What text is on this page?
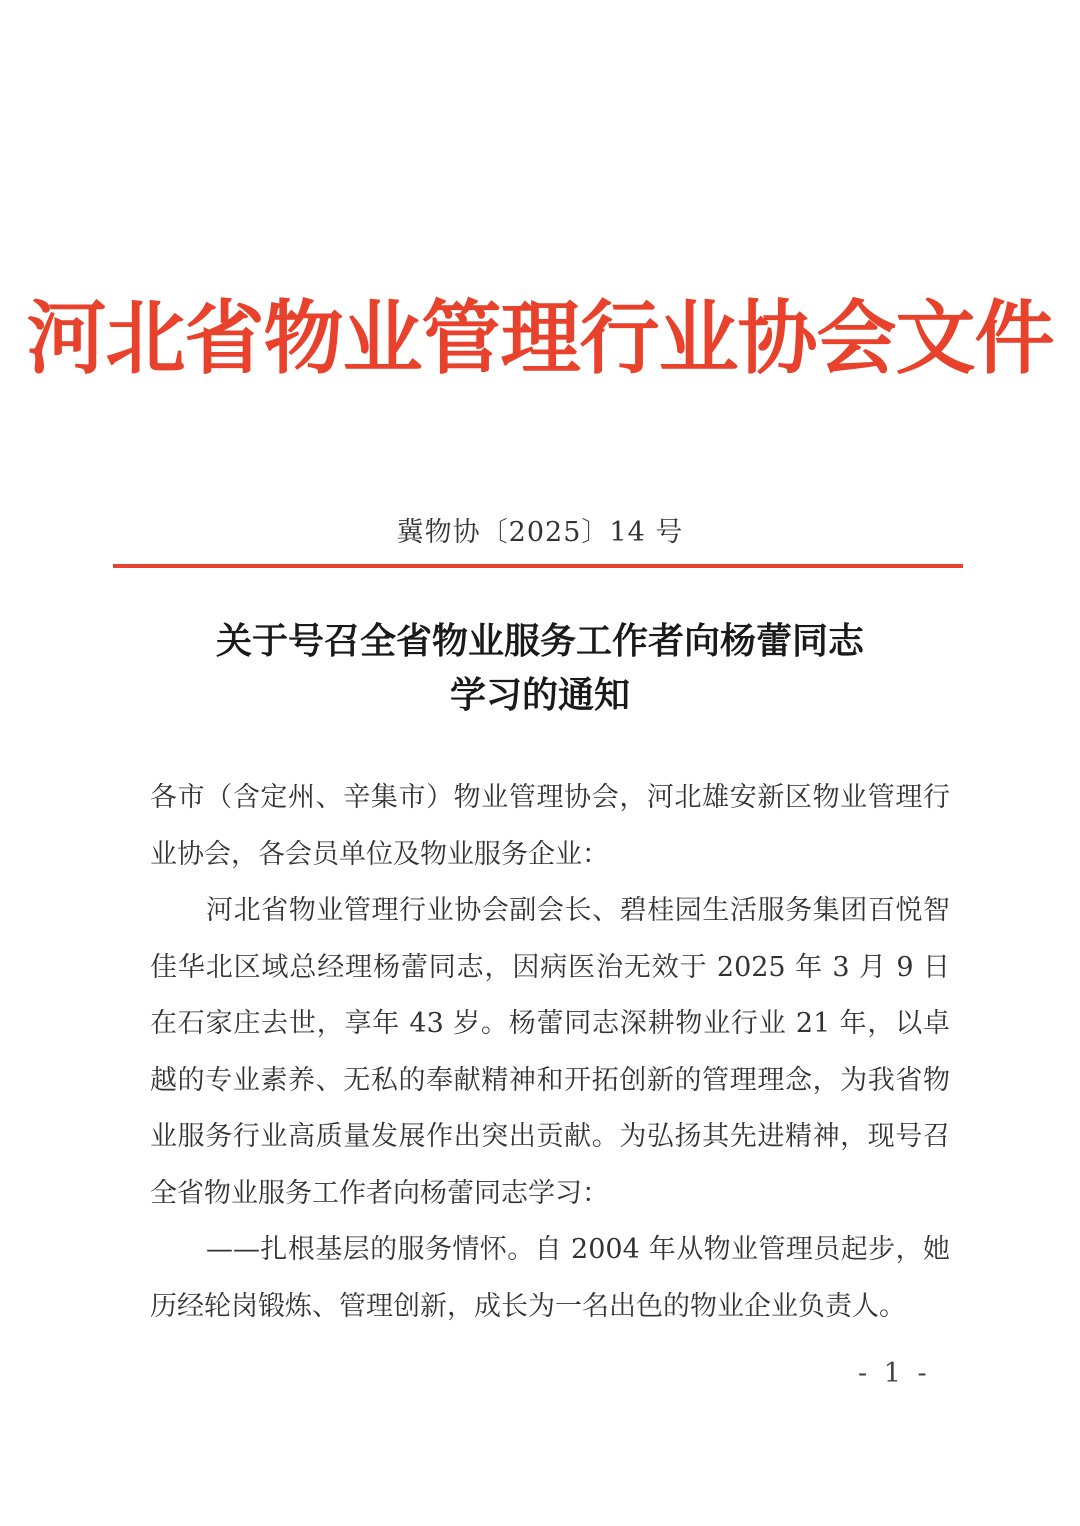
河北省物业管理行业协会文件
冀物协〔2025〕14 号
关于号召全省物业服务工作者向杨蕾同志
学习的通知

各市（含定州、辛集市）物业管理协会，河北雄安新区物业管理行业协会，各会员单位及物业服务企业：

河北省物业管理行业协会副会长、碧桂园生活服务集团百悦智佳华北区域总经理杨蕾同志，因病医治无效于 2025 年 3 月 9 日在石家庄去世，享年 43 岁。杨蕾同志深耕物业行业 21 年，以卓越的专业素养、无私的奉献精神和开拓创新的管理理念，为我省物业服务行业高质量发展作出突出贡献。为弘扬其先进精神，现号召全省物业服务工作者向杨蕾同志学习：

——扎根基层的服务情怀。自 2004 年从物业管理员起步，她历经轮岗锻炼、管理创新，成长为一名出色的物业企业负责人。

- 1 -
